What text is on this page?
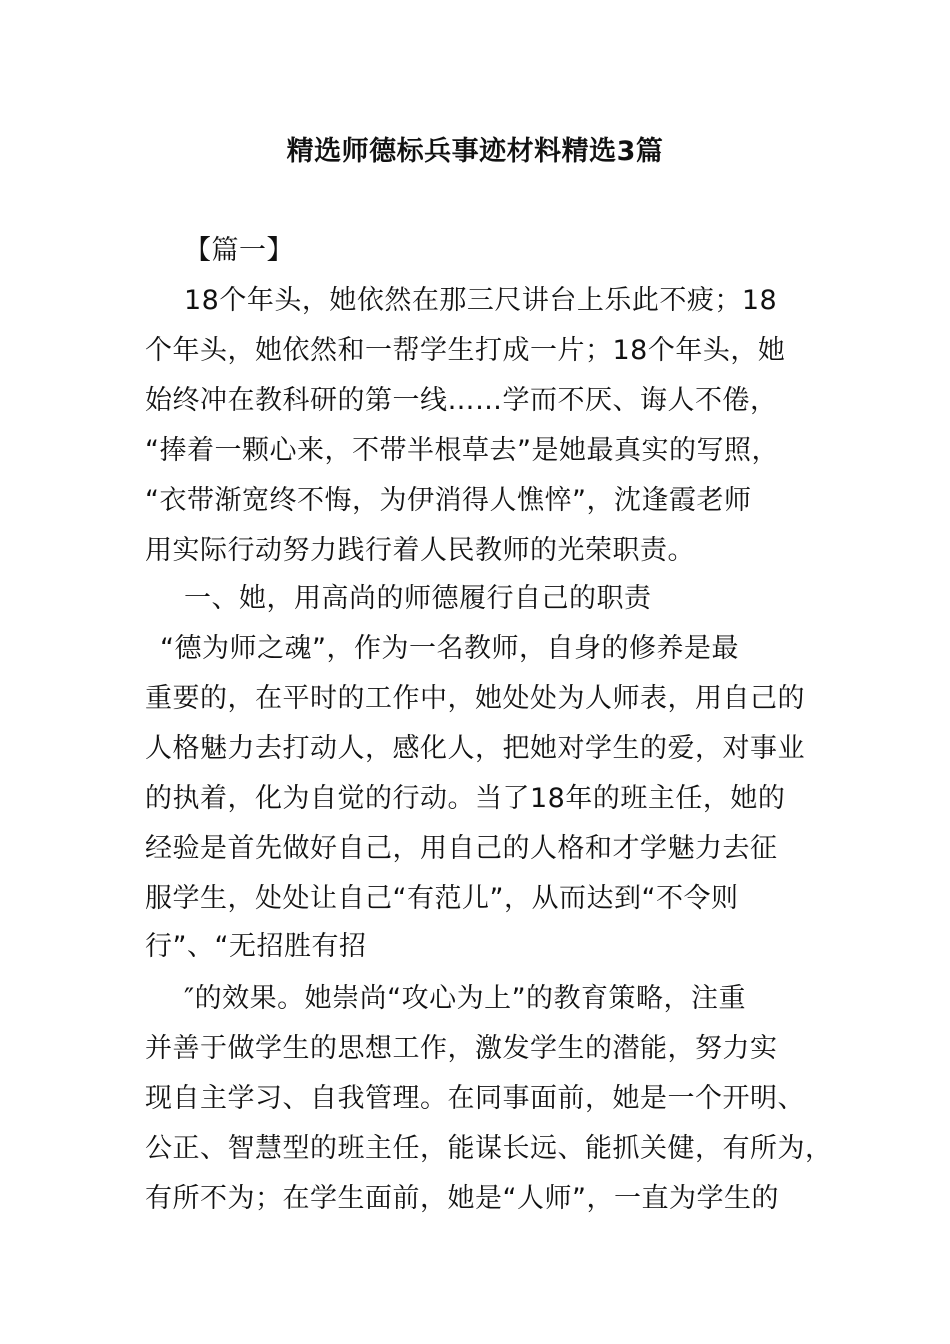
精选师德标兵事迹材料精选3篇
【篇一】
18个年头，她依然在那三尺讲台上乐此不疲；18
个年头，她依然和一帮学生打成一片；18个年头，她
始终冲在教科研的第一线……学而不厌、诲人不倦，
“捧着一颗心来，不带半根草去”是她最真实的写照，
“衣带渐宽终不悔，为伊消得人憔悴”，沈逢霞老师
用实际行动努力践行着人民教师的光荣职责。
一、她，用高尚的师德履行自己的职责
“德为师之魂”，作为一名教师，自身的修养是最
重要的，在平时的工作中，她处处为人师表，用自己的
人格魅力去打动人，感化人，把她对学生的爱，对事业
的执着，化为自觉的行动。当了18年的班主任，她的
经验是首先做好自己，用自己的人格和才学魅力去征
服学生，处处让自己“有范儿”，从而达到“不令则
行”、“无招胜有招
″的效果。她崇尚“攻心为上”的教育策略，注重
并善于做学生的思想工作，激发学生的潜能，努力实
现自主学习、自我管理。在同事面前，她是一个开明、
公正、智慧型的班主任，能谋长远、能抓关健，有所为，
有所不为；在学生面前，她是“人师”，一直为学生的
